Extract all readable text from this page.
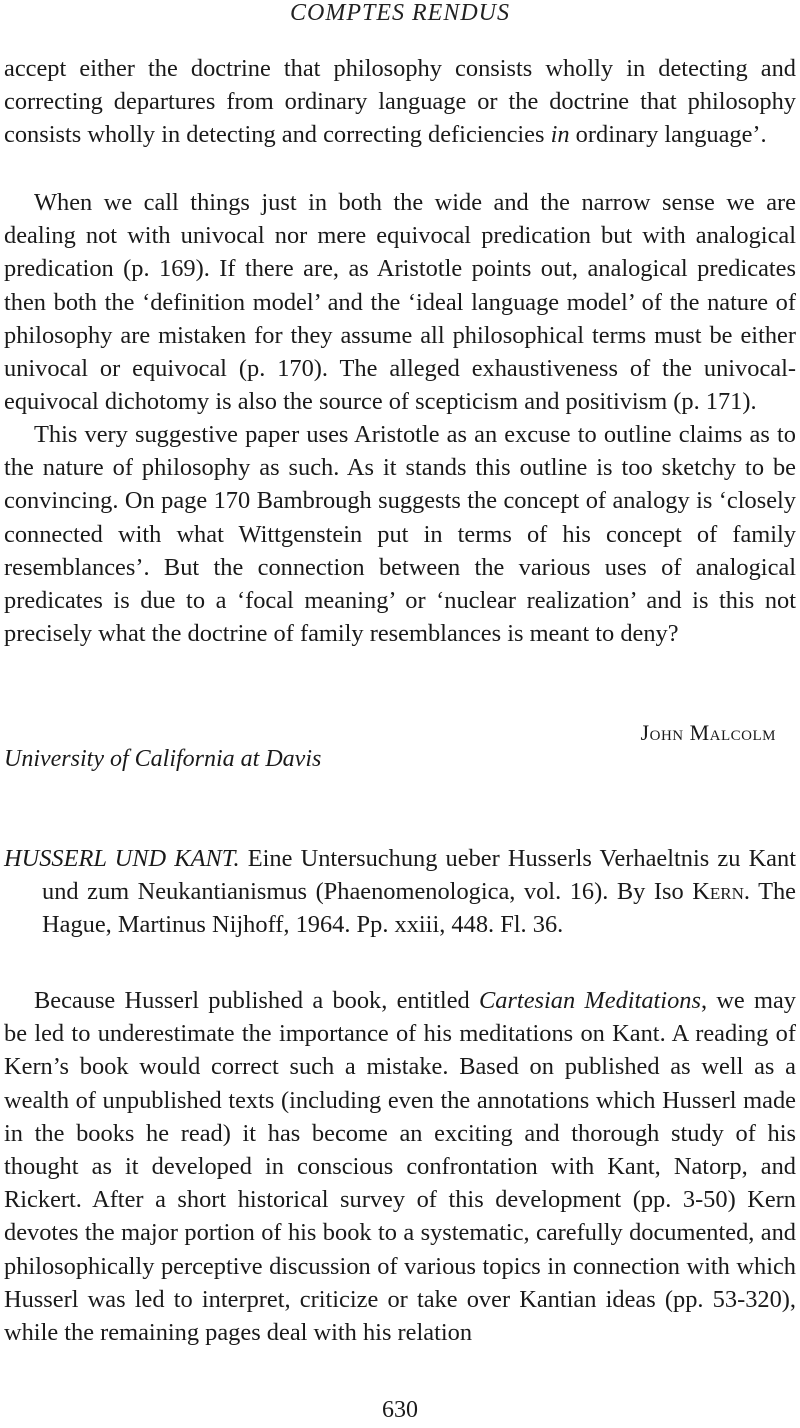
COMPTES RENDUS

accept either the doctrine that philosophy consists wholly in detecting and correcting departures from ordinary language or the doctrine that philosophy consists wholly in detecting and correcting deficiencies in ordinary language’.

When we call things just in both the wide and the narrow sense we are dealing not with univocal nor mere equivocal predication but with analogical predication (p. 169). If there are, as Aristotle points out, analogical predicates then both the ‘definition model’ and the ‘ideal language model’ of the nature of philosophy are mistaken for they assume all philosophical terms must be either univocal or equivocal (p. 170). The alleged exhaustiveness of the univocal-equivocal dichotomy is also the source of scepticism and positivism (p. 171).

This very suggestive paper uses Aristotle as an excuse to outline claims as to the nature of philosophy as such. As it stands this outline is too sketchy to be convincing. On page 170 Bambrough suggests the concept of analogy is ‘closely connected with what Wittgenstein put in terms of his concept of family resemblances’. But the connection between the various uses of analogical predicates is due to a ‘focal meaning’ or ‘nuclear realization’ and is this not precisely what the doctrine of family resemblances is meant to deny?

John Malcolm
University of California at Davis
HUSSERL UND KANT. Eine Untersuchung ueber Husserls Verhaeltnis zu Kant und zum Neukantianismus (Phaenomenologica, vol. 16). By Iso Kern. The Hague, Martinus Nijhoff, 1964. Pp. xxiii, 448. Fl. 36.

Because Husserl published a book, entitled Cartesian Meditations, we may be led to underestimate the importance of his meditations on Kant. A reading of Kern’s book would correct such a mistake. Based on published as well as a wealth of unpublished texts (including even the annotations which Husserl made in the books he read) it has become an exciting and thorough study of his thought as it developed in conscious confrontation with Kant, Natorp, and Rickert. After a short historical survey of this development (pp. 3-50) Kern devotes the major portion of his book to a systematic, carefully documented, and philosophically perceptive discussion of various topics in connection with which Husserl was led to interpret, criticize or take over Kantian ideas (pp. 53-320), while the remaining pages deal with his relation

630
